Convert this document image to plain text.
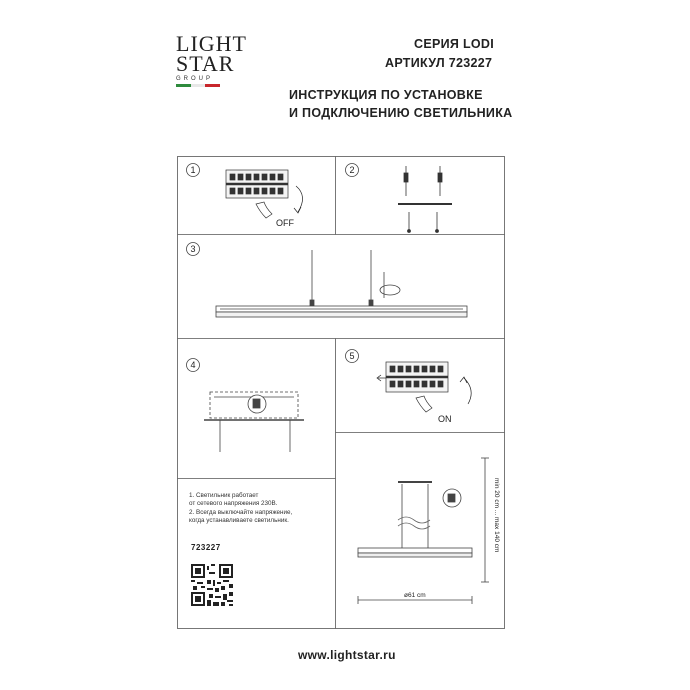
LIGHT
STAR
GROUP
СЕРИЯ LODI
АРТИКУЛ 723227
ИНСТРУКЦИЯ ПО УСТАНОВКЕ
И ПОДКЛЮЧЕНИЮ СВЕТИЛЬНИКА
1	2
3
4
5
OFF
ON
min 20 cm ... max 140 cm
ø61 cm
1. Светильник работает
от сетевого напряжения 230В.
2. Всегда выключайте напряжение,
когда устанавливаете светильник.
723227
www.lightstar.ru
